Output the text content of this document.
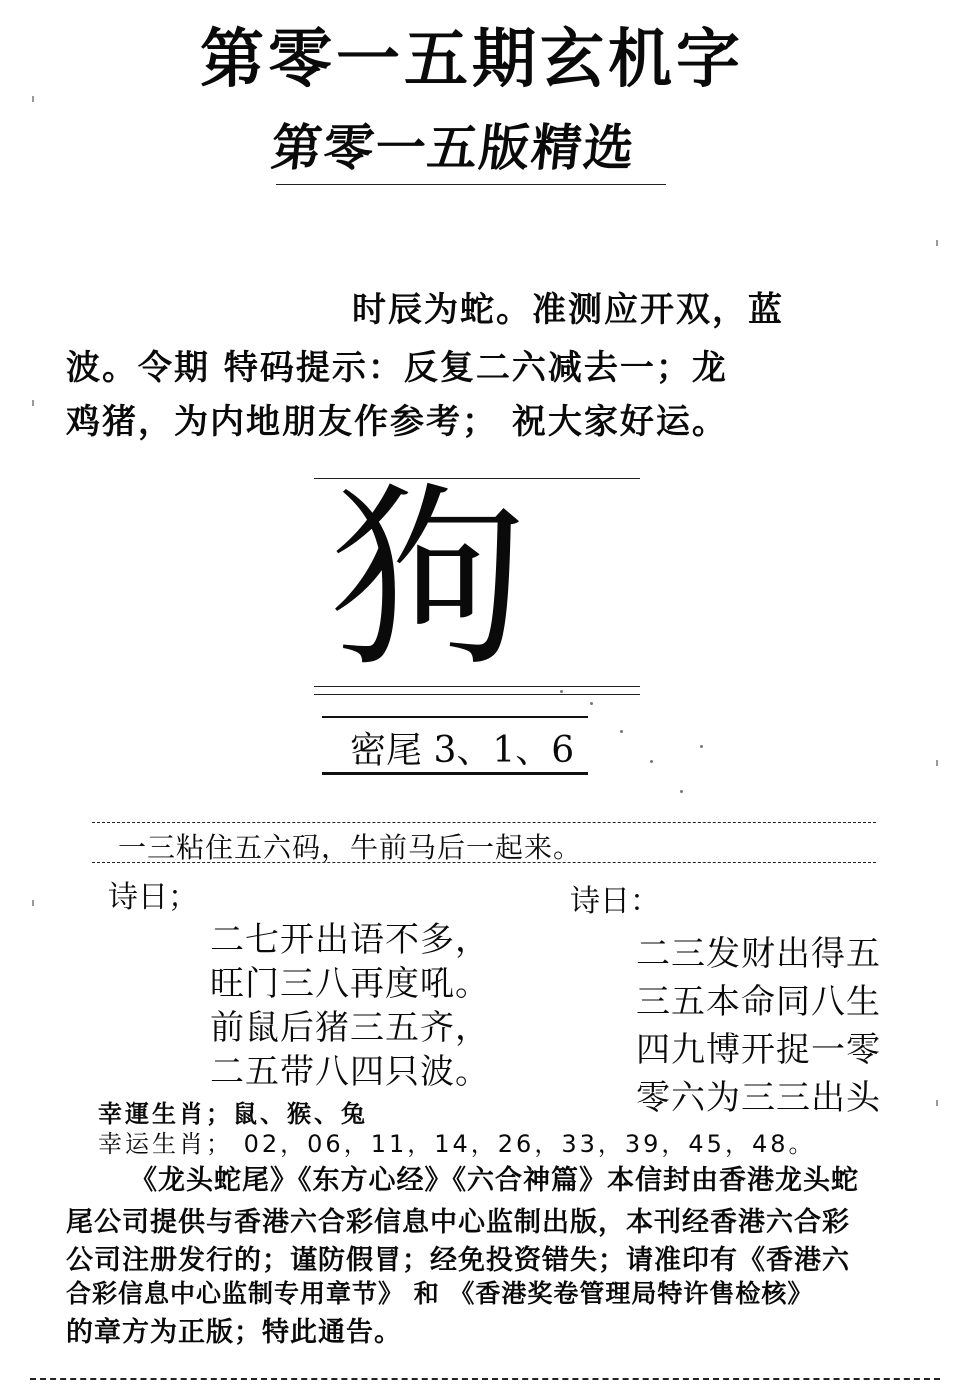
第零一五期玄机字
第零一五版精选
时辰为蛇。准测应开双，蓝
波。令期 特码提示：反复二六减去一；龙
鸡猪，为内地朋友作参考； 祝大家好运。
狗
密尾 3、1、6
一三粘住五六码，牛前马后一起来。
诗日；
二七开出语不多，
旺门三八再度吼。
前鼠后猪三五齐，
二五带八四只波。
诗日：
二三发财出得五
三五本命同八生
四九博开捉一零
零六为三三出头
幸運生肖；鼠、猴、兔
幸运生肖； 02，06，11，14，26，33，39，45，48。
《龙头蛇尾》《东方心经》《六合神篇》本信封由香港龙头蛇
尾公司提供与香港六合彩信息中心监制出版，本刊经香港六合彩
公司注册发行的；谨防假冒；经免投资错失；请准印有《香港六
合彩信息中心监制专用章节》 和 《香港奖卷管理局特许售检核》
的章方为正版；特此通告。
